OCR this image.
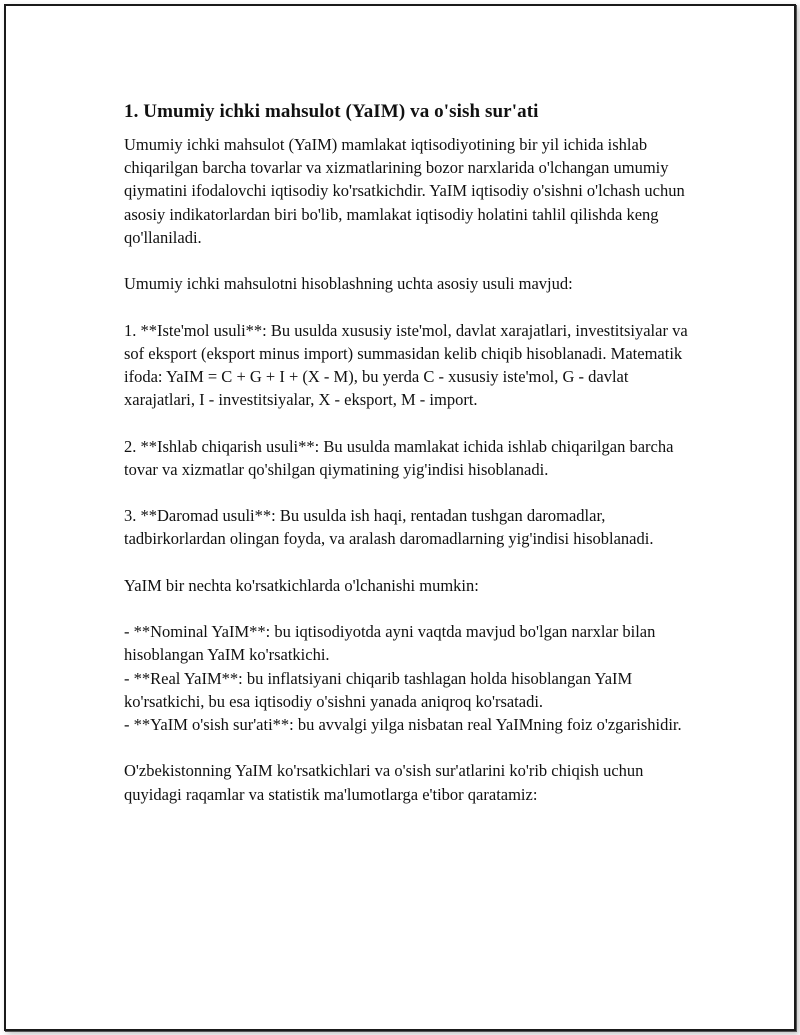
1. Umumiy ichki mahsulot (YaIM) va o'sish sur'ati

Umumiy ichki mahsulot (YaIM) mamlakat iqtisodiyotining bir yil ichida ishlab chiqarilgan barcha tovarlar va xizmatlarining bozor narxlarida o'lchangan umumiy qiymatini ifodalovchi iqtisodiy ko'rsatkichdir. YaIM iqtisodiy o'sishni o'lchash uchun asosiy indikatorlardan biri bo'lib, mamlakat iqtisodiy holatini tahlil qilishda keng qo'llaniladi.

Umumiy ichki mahsulotni hisoblashning uchta asosiy usuli mavjud:

1. **Iste'mol usuli**: Bu usulda xususiy iste'mol, davlat xarajatlari, investitsiyalar va sof eksport (eksport minus import) summasidan kelib chiqib hisoblanadi. Matematik ifoda: YaIM = C + G + I + (X - M), bu yerda C - xususiy iste'mol, G - davlat xarajatlari, I - investitsiyalar, X - eksport, M - import.

2. **Ishlab chiqarish usuli**: Bu usulda mamlakat ichida ishlab chiqarilgan barcha tovar va xizmatlar qo'shilgan qiymatining yig'indisi hisoblanadi.

3. **Daromad usuli**: Bu usulda ish haqi, rentadan tushgan daromadlar, tadbirkorlardan olingan foyda, va aralash daromadlarning yig'indisi hisoblanadi.

YaIM bir nechta ko'rsatkichlarda o'lchanishi mumkin:

- **Nominal YaIM**: bu iqtisodiyotda ayni vaqtda mavjud bo'lgan narxlar bilan hisoblangan YaIM ko'rsatkichi.

- **Real YaIM**: bu inflatsiyani chiqarib tashlagan holda hisoblangan YaIM ko'rsatkichi, bu esa iqtisodiy o'sishni yanada aniqroq ko'rsatadi.

- **YaIM o'sish sur'ati**: bu avvalgi yilga nisbatan real YaIMning foiz o'zgarishidir.

O'zbekistonning YaIM ko'rsatkichlari va o'sish sur'atlarini ko'rib chiqish uchun quyidagi raqamlar va statistik ma'lumotlarga e'tibor qaratamiz:
